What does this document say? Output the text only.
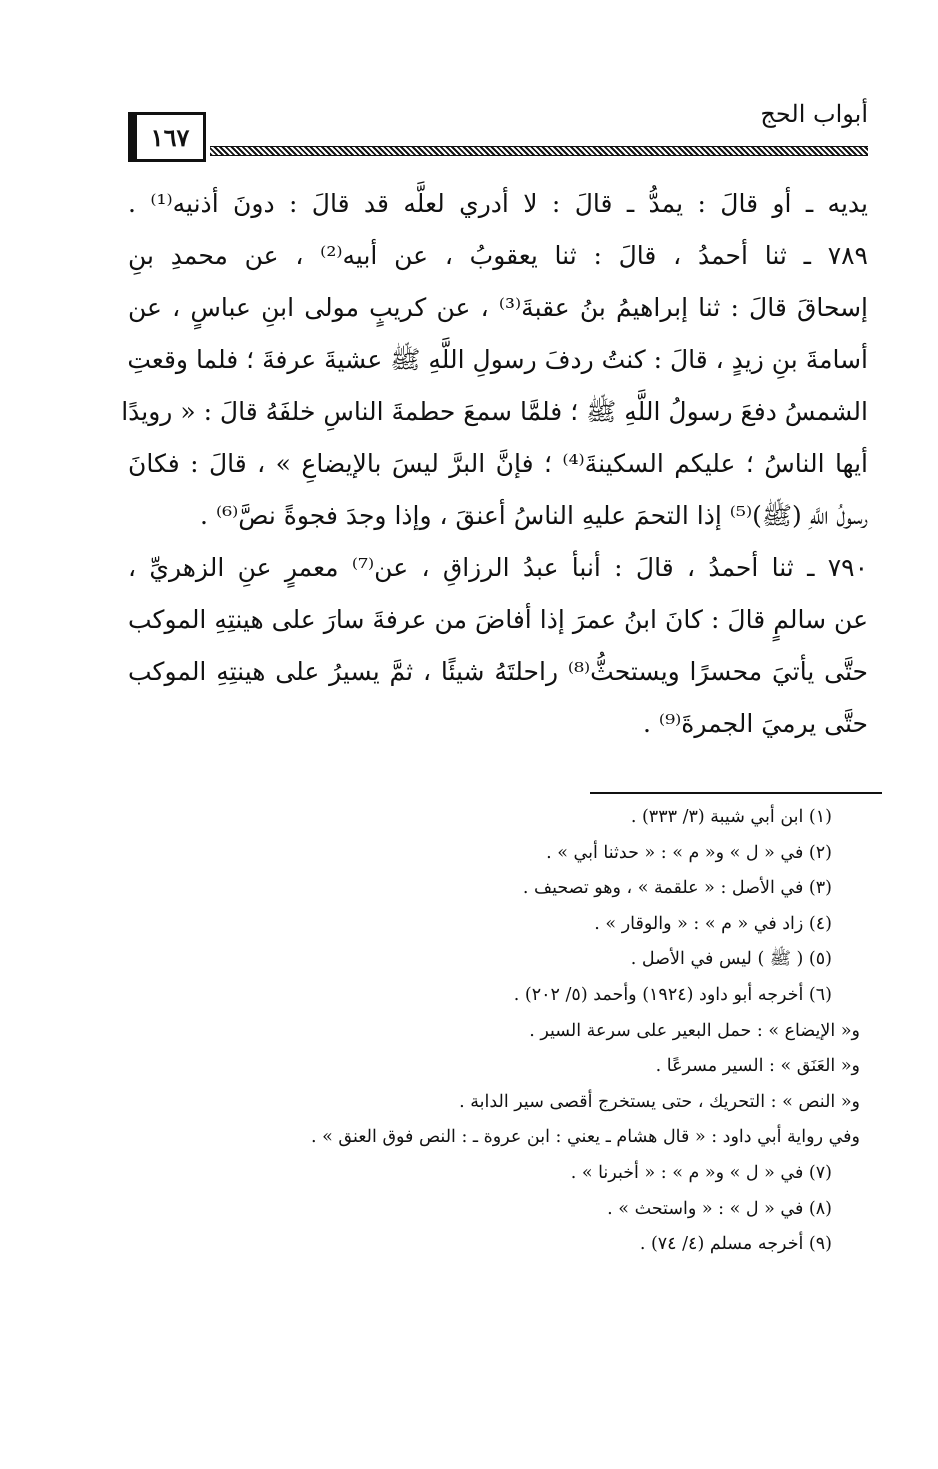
١٦٧
أبواب الحج
يديه ـ أو قالَ : يمدُّ ـ قالَ : لا أدري لعلَّه قد قالَ : دونَ أذنيه⁽¹⁾ .
٧٨٩ ـ ثنا أحمدُ ، قالَ : ثنا يعقوبُ ، عن أبيه⁽²⁾ ، عن محمدِ بنِ
إسحاقَ قالَ : ثنا إبراهيمُ بنُ عقبةَ⁽³⁾ ، عن كريبٍ مولى ابنِ عباسٍ ، عن
أسامةَ بنِ زيدٍ ، قالَ : كنتُ ردفَ رسولِ اللَّهِ ﷺ عشيةَ عرفةَ ؛ فلما وقعتِ
الشمسُ دفعَ رسولُ اللَّهِ ﷺ ؛ فلمَّا سمعَ حطمةَ الناسِ خلفَهُ قالَ : « رويدًا
أيها الناسُ ؛ عليكم السكينةَ⁽⁴⁾ ؛ فإنَّ البرَّ ليسَ بالإيضاعِ » ، قالَ : فكانَ
رسولُ اللَّهِ (ﷺ)⁽⁵⁾ إذا التحمَ عليهِ الناسُ أعنقَ ، وإذا وجدَ فجوةً نصَّ⁽⁶⁾ .
٧٩٠ ـ ثنا أحمدُ ، قالَ : أنبأ عبدُ الرزاقِ ، عن⁽⁷⁾ معمرٍ عنِ الزهريِّ ،
عن سالمٍ قالَ : كانَ ابنُ عمرَ إذا أفاضَ من عرفةَ سارَ على هينتِهِ الموكب
حتَّى يأتيَ محسرًا ويستحثُّ⁽⁸⁾ راحلتَهُ شيئًا ، ثمَّ يسيرُ على هينتِهِ الموكب
حتَّى يرميَ الجمرةَ⁽⁹⁾ .
(١) ابن أبي شيبة (٣/ ٣٣٣) .
(٢) في « ل » و« م » : « حدثنا أبي » .
(٣) في الأصل : « علقمة » ، وهو تصحيف .
(٤) زاد في « م » : « والوقار » .
(٥) ( ﷺ ) ليس في الأصل .
(٦) أخرجه أبو داود (١٩٢٤) وأحمد (٥/ ٢٠٢) .
و« الإيضاع » : حمل البعير على سرعة السير .
و« العَنَق » : السير مسرعًا .
و« النص » : التحريك ، حتى يستخرج أقصى سير الدابة .
وفي رواية أبي داود : « قال هشام ـ يعني : ابن عروة ـ : النص فوق العنق » .
(٧) في « ل » و« م » : « أخبرنا » .
(٨) في « ل » : « واستحث » .
(٩) أخرجه مسلم (٤/ ٧٤) .
